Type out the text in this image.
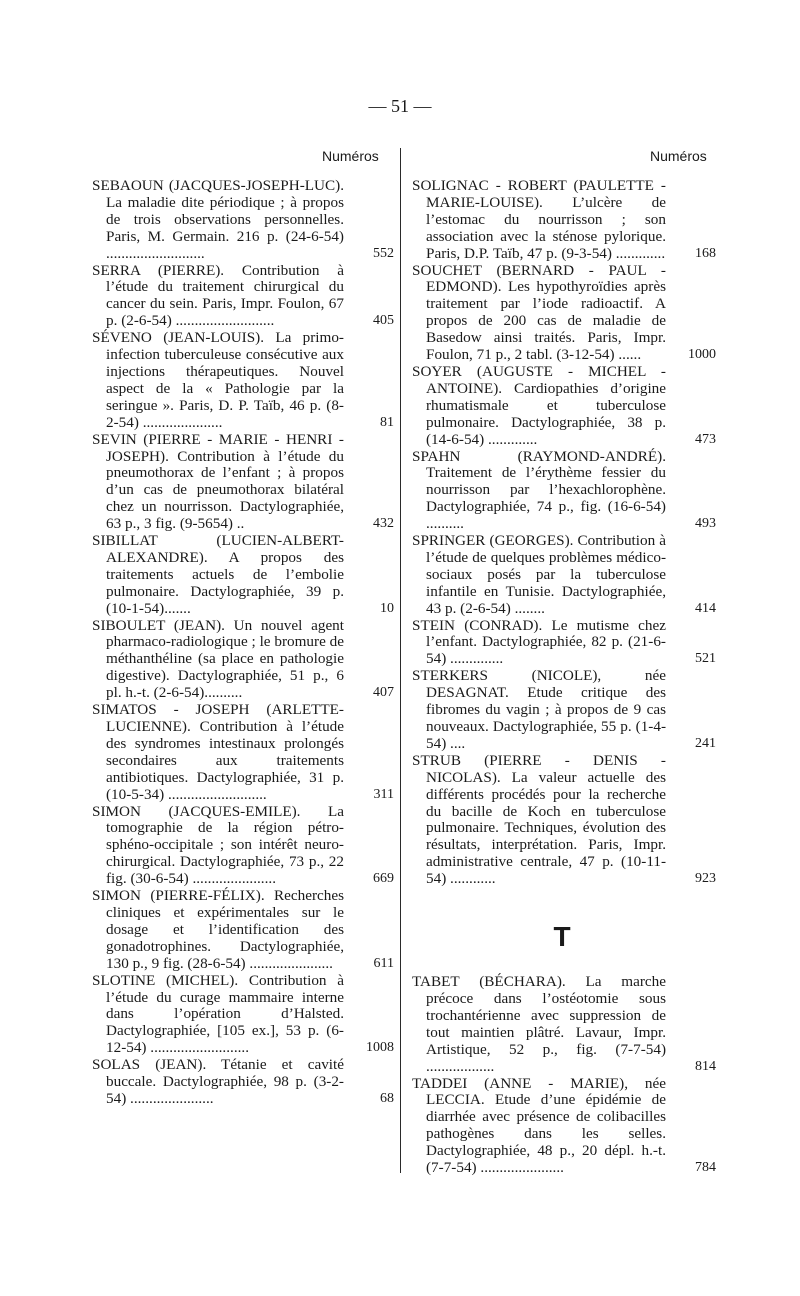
— 51 —
Numéros	Numéros
SEBAOUN (JACQUES-JOSEPH-LUC). La maladie dite périodique ; à propos de trois observations personnelles. Paris, M. Germain. 216 p. (24-6-54) ..........................	552
SERRA (PIERRE). Contribution à l’étude du traitement chirurgical du cancer du sein. Paris, Impr. Foulon, 67 p. (2-6-54) ..........................	405
SÉVENO (JEAN-LOUIS). La primo-infection tuberculeuse consécutive aux injections thérapeutiques. Nouvel aspect de la « Pathologie par la seringue ». Paris, D. P. Taïb, 46 p. (8-2-54) .....................	81
SEVIN (PIERRE - MARIE - HENRI - JOSEPH). Contribution à l’étude du pneumothorax de l’enfant ; à propos d’un cas de pneumothorax bilatéral chez un nourrisson. Dactylographiée, 63 p., 3 fig. (9-5654) ..	432
SIBILLAT (LUCIEN-ALBERT-ALEXANDRE). A propos des traitements actuels de l’embolie pulmonaire. Dactylographiée, 39 p. (10-1-54).......	10
SIBOULET (JEAN). Un nouvel agent pharmaco-radiologique ; le bromure de méthanthéline (sa place en pathologie digestive). Dactylographiée, 51 p., 6 pl. h.-t. (2-6-54)..........	407
SIMATOS - JOSEPH (ARLETTE-LUCIENNE). Contribution à l’étude des syndromes intestinaux prolongés secondaires aux traitements antibiotiques. Dactylographiée, 31 p. (10-5-34) ..........................	311
SIMON (JACQUES-EMILE). La tomographie de la région pétro-sphéno-occipitale ; son intérêt neuro-chirurgical. Dactylographiée, 73 p., 22 fig. (30-6-54) ......................	669
SIMON (PIERRE-FÉLIX). Recherches cliniques et expérimentales sur le dosage et l’identification des gonadotrophines. Dactylographiée, 130 p., 9 fig. (28-6-54) ......................	611
SLOTINE (MICHEL). Contribution à l’étude du curage mammaire interne dans l’opération d’Halsted. Dactylographiée, [105 ex.], 53 p. (6-12-54) ..........................	1008
SOLAS (JEAN). Tétanie et cavité buccale. Dactylographiée, 98 p. (3-2-54) ......................	68
SOLIGNAC - ROBERT (PAULETTE - MARIE-LOUISE). L’ulcère de l’estomac du nourrisson ; son association avec la sténose pylorique. Paris, D.P. Taïb, 47 p. (9-3-54) ............. 168
SOUCHET (BERNARD - PAUL - EDMOND). Les hypothyroïdies après traitement par l’iode radioactif. A propos de 200 cas de maladie de Basedow ainsi traités. Paris, Impr. Foulon, 71 p., 2 tabl. (3-12-54) ......	1000
SOYER (AUGUSTE - MICHEL - ANTOINE). Cardiopathies d’origine rhumatismale et tuberculose pulmonaire. Dactylographiée, 38 p. (14-6-54) .............	473
SPAHN (RAYMOND-ANDRÉ). Traitement de l’érythème fessier du nourrisson par l’hexachlorophène. Dactylographiée, 74 p., fig. (16-6-54) ..........	493
SPRINGER (GEORGES). Contribution à l’étude de quelques problèmes médico-sociaux posés par la tuberculose infantile en Tunisie. Dactylographiée, 43 p. (2-6-54) ........	414
STEIN (CONRAD). Le mutisme chez l’enfant. Dactylographiée, 82 p. (21-6-54) ..............	521
STERKERS (NICOLE), née DESAGNAT. Etude critique des fibromes du vagin ; à propos de 9 cas nouveaux. Dactylographiée, 55 p. (1-4-54) ....	241
STRUB (PIERRE - DENIS - NICOLAS). La valeur actuelle des différents procédés pour la recherche du bacille de Koch en tuberculose pulmonaire. Techniques, évolution des résultats, interprétation. Paris, Impr. administrative centrale, 47 p. (10-11-54) ............	923
T
TABET (BÉCHARA). La marche précoce dans l’ostéotomie sous trochantérienne avec suppression de tout maintien plâtré. Lavaur, Impr. Artistique, 52 p., fig. (7-7-54) ..................	814
TADDEI (ANNE - MARIE), née LECCIA. Etude d’une épidémie de diarrhée avec présence de colibacilles pathogènes dans les selles. Dactylographiée, 48 p., 20 dépl. h.-t. (7-7-54) ......................	784
